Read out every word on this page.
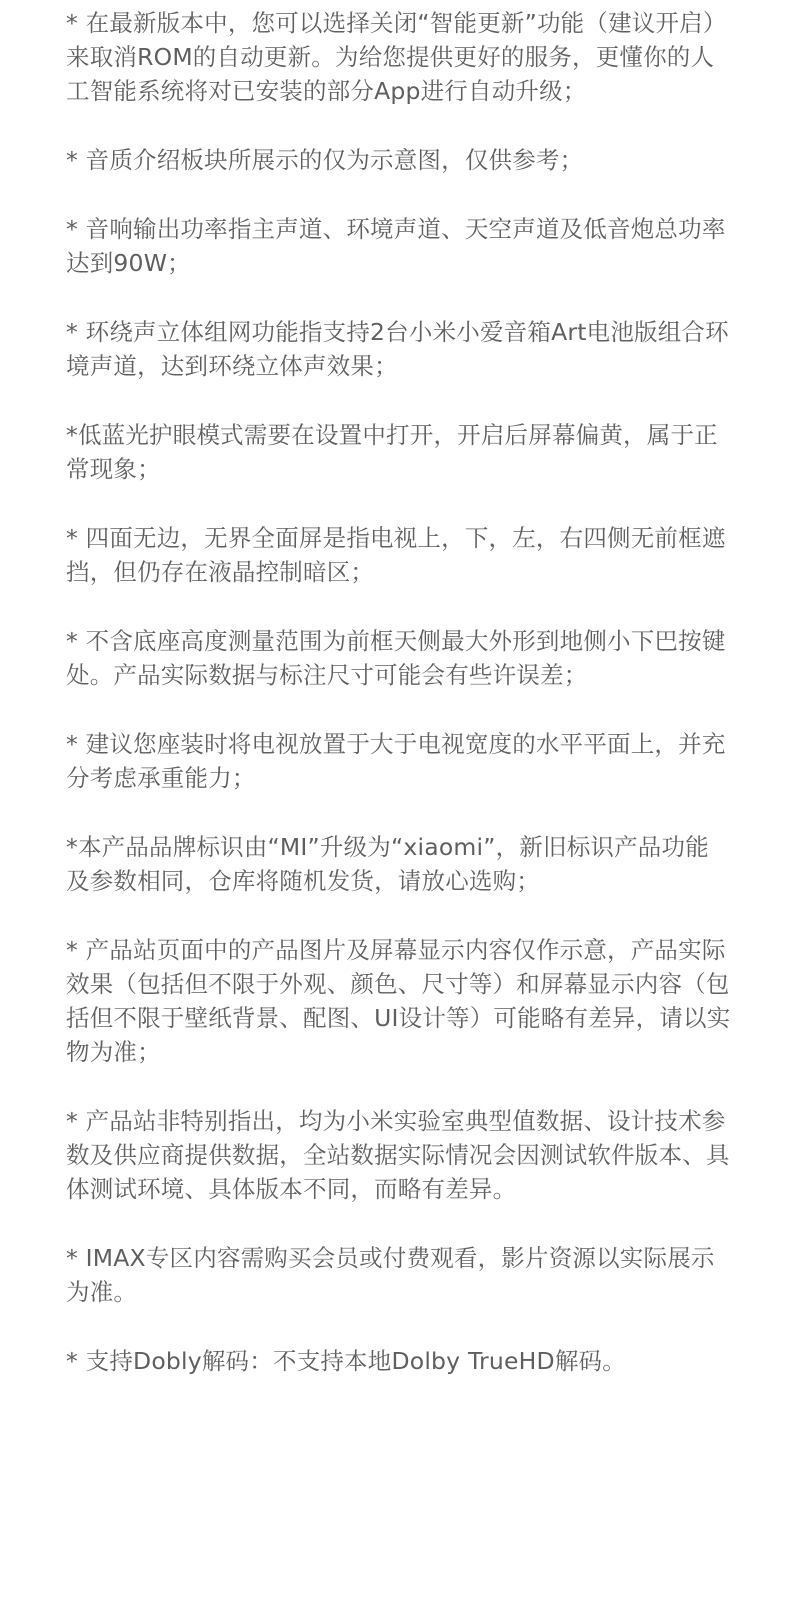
* 在最新版本中，您可以选择关闭“智能更新”功能（建议开启）来取消ROM的自动更新。为给您提供更好的服务，更懂你的人工智能系统将对已安装的部分App进行自动升级；

* 音质介绍板块所展示的仅为示意图，仅供参考；

* 音响输出功率指主声道、环境声道、天空声道及低音炮总功率达到90W；

* 环绕声立体组网功能指支持2台小米小爱音箱Art电池版组合环境声道，达到环绕立体声效果；

*低蓝光护眼模式需要在设置中打开，开启后屏幕偏黄，属于正常现象；

* 四面无边，无界全面屏是指电视上，下，左，右四侧无前框遮挡，但仍存在液晶控制暗区；

* 不含底座高度测量范围为前框天侧最大外形到地侧小下巴按键处。产品实际数据与标注尺寸可能会有些许误差；

* 建议您座装时将电视放置于大于电视宽度的水平平面上，并充分考虑承重能力；

*本产品品牌标识由“MI”升级为“xiaomi”，新旧标识产品功能及参数相同，仓库将随机发货，请放心选购；

* 产品站页面中的产品图片及屏幕显示内容仅作示意，产品实际效果（包括但不限于外观、颜色、尺寸等）和屏幕显示内容（包括但不限于壁纸背景、配图、UI设计等）可能略有差异，请以实物为准；

* 产品站非特别指出，均为小米实验室典型值数据、设计技术参数及供应商提供数据，全站数据实际情况会因测试软件版本、具体测试环境、具体版本不同，而略有差异。

* IMAX专区内容需购买会员或付费观看，影片资源以实际展示为准。

* 支持Dobly解码：不支持本地Dolby TrueHD解码。
